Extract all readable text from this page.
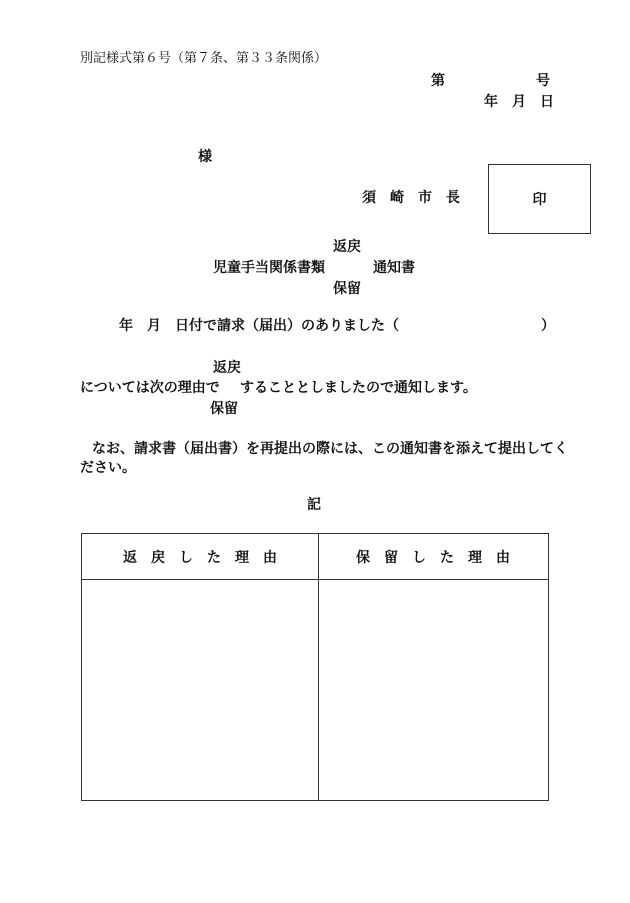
別記様式第６号（第７条、第３３条関係）
第	号
年　月　日
様
須　崎　市　長	印
返戻
児童手当関係書類	通知書
保留
年　月　日付で請求（届出）のありました（	）
返戻
については次の理由で することとしましたので通知します。
保留
なお、請求書（届出書）を再提出の際には、この通知書を添えて提出してく
ださい。
記
返　戻　し　た　理　由	保　留　し　た　理　由
